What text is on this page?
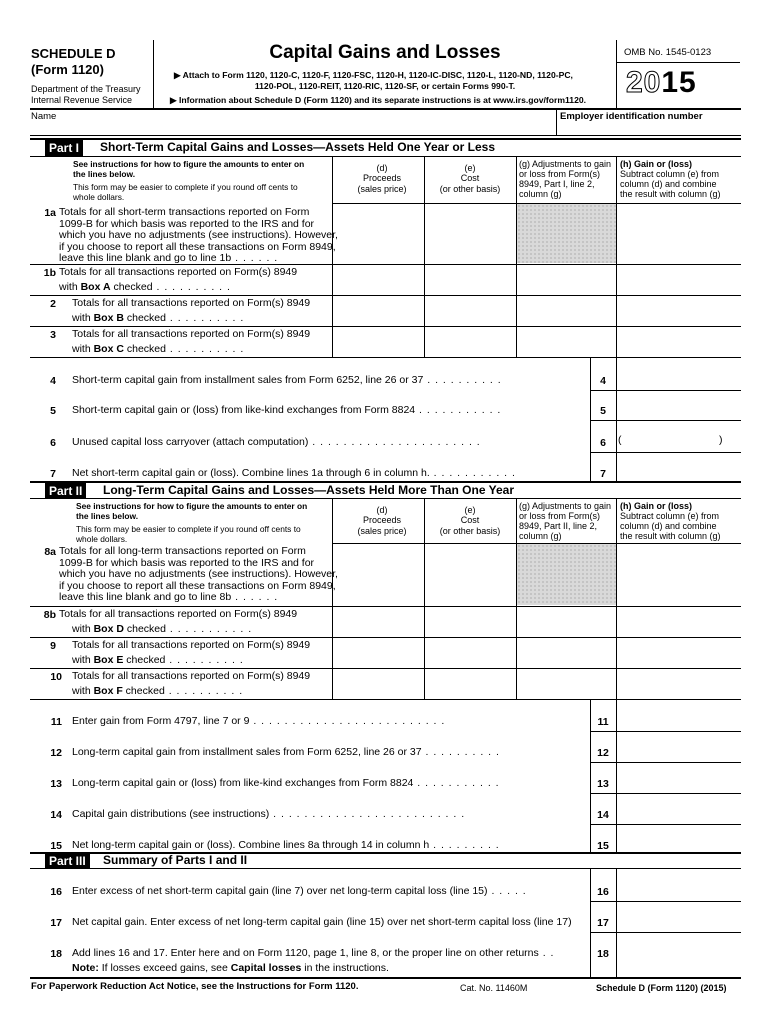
SCHEDULE D
(Form 1120)
Department of the Treasury
Internal Revenue Service
Capital Gains and Losses
▶ Attach to Form 1120, 1120-C, 1120-F, 1120-FSC, 1120-H, 1120-IC-DISC, 1120-L, 1120-ND, 1120-PC,
1120-POL, 1120-REIT, 1120-RIC, 1120-SF, or certain Forms 990-T.
▶ Information about Schedule D (Form 1120) and its separate instructions is at www.irs.gov/form1120.
OMB No. 1545-0123
2015
Name	Employer identification number
Part I	Short-Term Capital Gains and Losses—Assets Held One Year or Less
See instructions for how to figure the amounts to enter on
the lines below.
This form may be easier to complete if you round off cents to
whole dollars.
(d)
Proceeds
(sales price)
(e)
Cost
(or other basis)
(g) Adjustments to gain
or loss from Form(s)
8949, Part I, line 2,
column (g)
(h) Gain or (loss)
Subtract column (e) from
column (d) and combine
the result with column (g)
1a Totals for all short-term transactions reported on Form
1099-B for which basis was reported to the IRS and for
which you have no adjustments (see instructions). However,
if you choose to report all these transactions on Form 8949,
leave this line blank and go to line 1b . . . . . .
1b Totals for all transactions reported on Form(s) 8949
with Box A checked . . . . . . . . . .
2 Totals for all transactions reported on Form(s) 8949
with Box B checked . . . . . . . . . .
3 Totals for all transactions reported on Form(s) 8949
with Box C checked . . . . . . . . . .
4 Short-term capital gain from installment sales from Form 6252, line 26 or 37 . . . . . . . . . .	4
5 Short-term capital gain or (loss) from like-kind exchanges from Form 8824 . . . . . . . . . . .	5
6 Unused capital loss carryover (attach computation) . . . . . . . . . . . . . . . . . . . . . .	6	(	)
7 Net short-term capital gain or (loss). Combine lines 1a through 6 in column h. . . . . . . . . . . .	7
Part II	Long-Term Capital Gains and Losses—Assets Held More Than One Year
See instructions for how to figure the amounts to enter on
the lines below.
This form may be easier to complete if you round off cents to
whole dollars.
(d)
Proceeds
(sales price)
(e)
Cost
(or other basis)
(g) Adjustments to gain
or loss from Form(s)
8949, Part II, line 2,
column (g)
(h) Gain or (loss)
Subtract column (e) from
column (d) and combine
the result with column (g)
8a Totals for all long-term transactions reported on Form
1099-B for which basis was reported to the IRS and for
which you have no adjustments (see instructions). However,
if you choose to report all these transactions on Form 8949,
leave this line blank and go to line 8b . . . . . .
8b Totals for all transactions reported on Form(s) 8949
with Box D checked . . . . . . . . . . .
9 Totals for all transactions reported on Form(s) 8949
with Box E checked . . . . . . . . . .
10 Totals for all transactions reported on Form(s) 8949
with Box F checked . . . . . . . . . .
11 Enter gain from Form 4797, line 7 or 9 . . . . . . . . . . . . . . . . . . . . . . . . .	11
12 Long-term capital gain from installment sales from Form 6252, line 26 or 37 . . . . . . . . . .	12
13 Long-term capital gain or (loss) from like-kind exchanges from Form 8824 . . . . . . . . . . .	13
14 Capital gain distributions (see instructions) . . . . . . . . . . . . . . . . . . . . . . . . .	14
15 Net long-term capital gain or (loss). Combine lines 8a through 14 in column h . . . . . . . . .	15
Part III	Summary of Parts I and II
16 Enter excess of net short-term capital gain (line 7) over net long-term capital loss (line 15) . . . . .	16
17 Net capital gain. Enter excess of net long-term capital gain (line 15) over net short-term capital loss (line 17)	17
18 Add lines 16 and 17. Enter here and on Form 1120, page 1, line 8, or the proper line on other returns . .
Note: If losses exceed gains, see Capital losses in the instructions.
18
For Paperwork Reduction Act Notice, see the Instructions for Form 1120.	Cat. No. 11460M	Schedule D (Form 1120) (2015)
